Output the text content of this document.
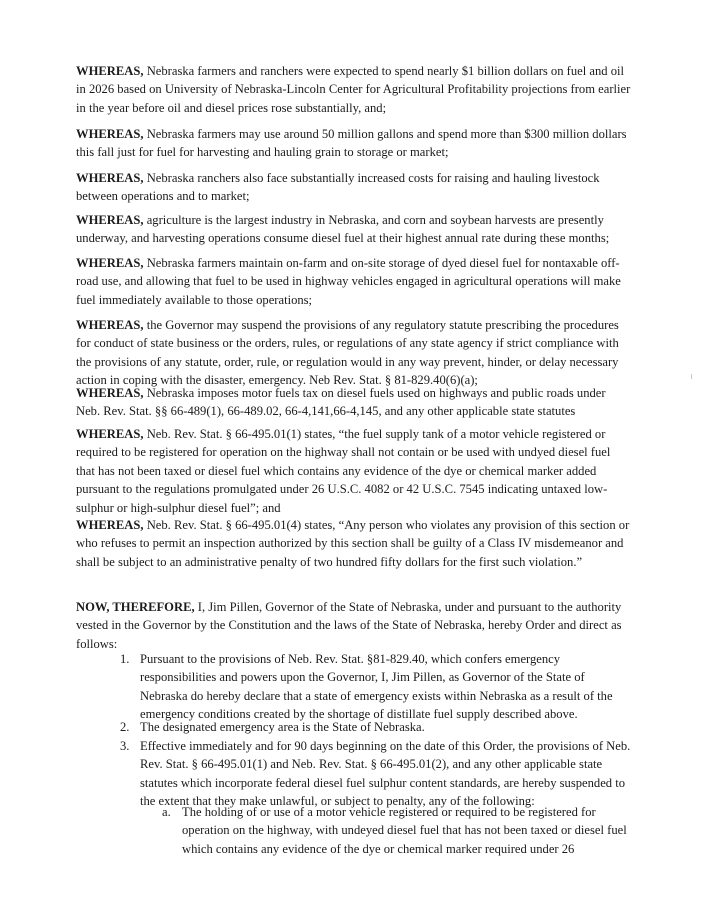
WHEREAS, Nebraska farmers and ranchers were expected to spend nearly $1 billion dollars on fuel and oil in 2026 based on University of Nebraska-Lincoln Center for Agricultural Profitability projections from earlier in the year before oil and diesel prices rose substantially, and;

WHEREAS, Nebraska farmers may use around 50 million gallons and spend more than $300 million dollars this fall just for fuel for harvesting and hauling grain to storage or market;

WHEREAS, Nebraska ranchers also face substantially increased costs for raising and hauling livestock between operations and to market;

WHEREAS, agriculture is the largest industry in Nebraska, and corn and soybean harvests are presently underway, and harvesting operations consume diesel fuel at their highest annual rate during these months;

WHEREAS, Nebraska farmers maintain on-farm and on-site storage of dyed diesel fuel for nontaxable off-road use, and allowing that fuel to be used in highway vehicles engaged in agricultural operations will make fuel immediately available to those operations;

WHEREAS, the Governor may suspend the provisions of any regulatory statute prescribing the procedures for conduct of state business or the orders, rules, or regulations of any state agency if strict compliance with the provisions of any statute, order, rule, or regulation would in any way prevent, hinder, or delay necessary action in coping with the disaster, emergency. Neb Rev. Stat. § 81-829.40(6)(a);

WHEREAS, Nebraska imposes motor fuels tax on diesel fuels used on highways and public roads under Neb. Rev. Stat. §§ 66-489(1), 66-489.02, 66-4,141,66-4,145, and any other applicable state statutes

WHEREAS, Neb. Rev. Stat. § 66-495.01(1) states, “the fuel supply tank of a motor vehicle registered or required to be registered for operation on the highway shall not contain or be used with undyed diesel fuel that has not been taxed or diesel fuel which contains any evidence of the dye or chemical marker added pursuant to the regulations promulgated under 26 U.S.C. 4082 or 42 U.S.C. 7545 indicating untaxed low-sulphur or high-sulphur diesel fuel”; and

WHEREAS, Neb. Rev. Stat. § 66-495.01(4) states, “Any person who violates any provision of this section or who refuses to permit an inspection authorized by this section shall be guilty of a Class IV misdemeanor and shall be subject to an administrative penalty of two hundred fifty dollars for the first such violation.”

NOW, THEREFORE, I, Jim Pillen, Governor of the State of Nebraska, under and pursuant to the authority vested in the Governor by the Constitution and the laws of the State of Nebraska, hereby Order and direct as follows:

1. Pursuant to the provisions of Neb. Rev. Stat. §81-829.40, which confers emergency responsibilities and powers upon the Governor, I, Jim Pillen, as Governor of the State of Nebraska do hereby declare that a state of emergency exists within Nebraska as a result of the emergency conditions created by the shortage of distillate fuel supply described above.
2. The designated emergency area is the State of Nebraska.
3. Effective immediately and for 90 days beginning on the date of this Order, the provisions of Neb. Rev. Stat. § 66-495.01(1) and Neb. Rev. Stat. § 66-495.01(2), and any other applicable state statutes which incorporate federal diesel fuel sulphur content standards, are hereby suspended to the extent that they make unlawful, or subject to penalty, any of the following:
a. The holding of or use of a motor vehicle registered or required to be registered for operation on the highway, with undeyed diesel fuel that has not been taxed or diesel fuel which contains any evidence of the dye or chemical marker required under 26
